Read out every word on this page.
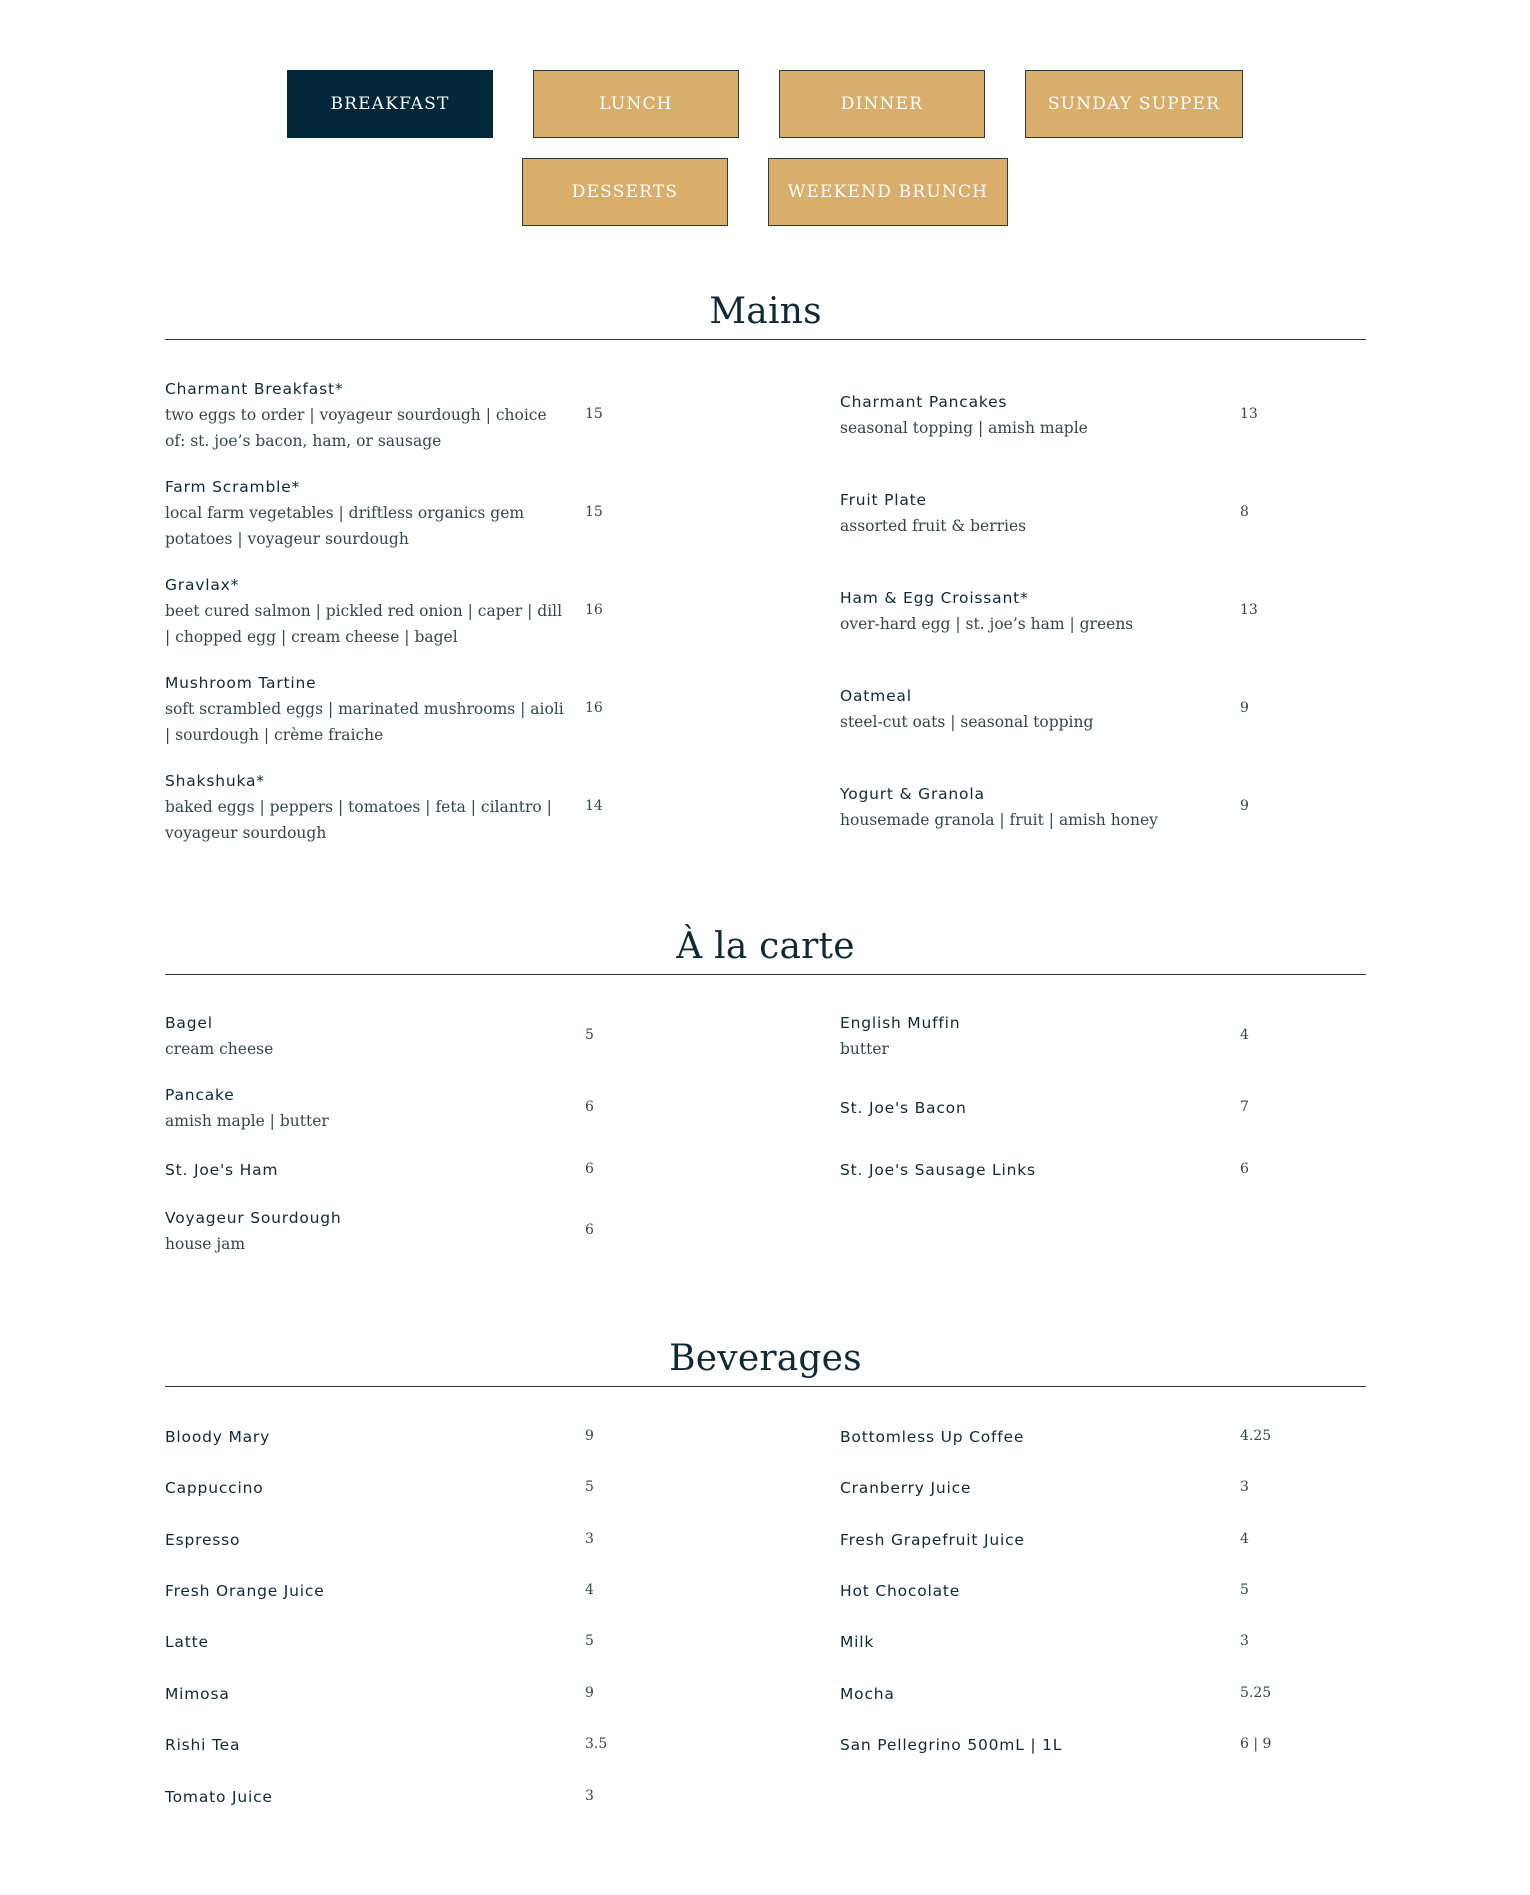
BREAKFAST	LUNCH	DINNER	SUNDAY SUPPER
DESSERTS	WEEKEND BRUNCH
Mains
Charmant Breakfast*
two eggs to order | voyageur sourdough | choice of: st. joe’s bacon, ham, or sausage
15
Farm Scramble*
local farm vegetables | driftless organics gem potatoes | voyageur sourdough
15
Gravlax*
beet cured salmon | pickled red onion | caper | dill | chopped egg | cream cheese | bagel
16
Mushroom Tartine
soft scrambled eggs | marinated mushrooms | aioli | sourdough | crème fraiche
16
Shakshuka*
baked eggs | peppers | tomatoes | feta | cilantro | voyageur sourdough
14
Charmant Pancakes
seasonal topping | amish maple
13
Fruit Plate
assorted fruit & berries
8
Ham & Egg Croissant*
over-hard egg | st. joe’s ham | greens
13
Oatmeal
steel-cut oats | seasonal topping
9
Yogurt & Granola
housemade granola | fruit | amish honey
9
À la carte
Bagel
cream cheese
5
Pancake
amish maple | butter
6
St. Joe's Ham	6
Voyageur Sourdough
house jam
6
English Muffin
butter
4
St. Joe's Bacon	7
St. Joe's Sausage Links	6
Beverages
Bloody Mary	9
Cappuccino	5
Espresso	3
Fresh Orange Juice	4
Latte	5
Mimosa	9
Rishi Tea	3.5
Tomato Juice	3
Bottomless Up Coffee	4.25
Cranberry Juice	3
Fresh Grapefruit Juice	4
Hot Chocolate	5
Milk	3
Mocha	5.25
San Pellegrino 500mL | 1L	6 | 9
